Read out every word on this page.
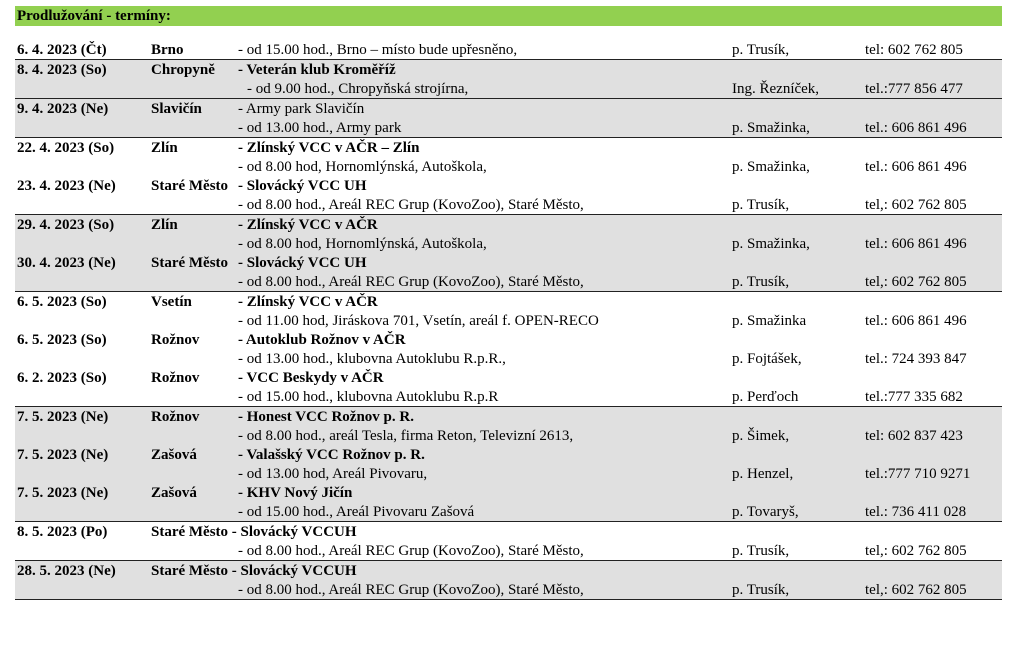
Prodlužování - termíny:
6. 4. 2023 (Čt)	Brno	- od 15.00 hod., Brno – místo bude upřesněno,	p. Trusík,	tel: 602 762 805
8. 4. 2023 (So)	Chropyně - Veterán klub Kroměříž
- od 9.00 hod., Chropyňská strojírna,	Ing. Řezníček,	tel.:777 856 477
9. 4. 2023 (Ne)	Slavičín - Army park Slavičín
- od 13.00 hod., Army park	p. Smažinka,	tel.: 606 861 496
22. 4. 2023 (So) Zlín	- Zlínský VCC v AČR – Zlín
- od 8.00 hod, Hornomlýnská, Autoškola,	p. Smažinka,	tel.: 606 861 496
23. 4. 2023 (Ne) Staré Město - Slovácký VCC UH
- od 8.00 hod., Areál REC Grup (KovoZoo), Staré Město,	p. Trusík,	tel,: 602 762 805
29. 4. 2023 (So) Zlín	- Zlínský VCC v AČR
- od 8.00 hod, Hornomlýnská, Autoškola,	p. Smažinka,	tel.: 606 861 496
30. 4. 2023 (Ne) Staré Město - Slovácký VCC UH
- od 8.00 hod., Areál REC Grup (KovoZoo), Staré Město,	p. Trusík,	tel,: 602 762 805
6. 5. 2023 (So)	Vsetín	- Zlínský VCC v AČR
- od 11.00 hod, Jiráskova 701, Vsetín, areál f. OPEN-RECO	p. Smažinka	tel.: 606 861 496
6. 5. 2023 (So)	Rožnov	- Autoklub Rožnov v AČR
- od 13.00 hod., klubovna Autoklubu R.p.R.,	p. Fojtášek,	tel.: 724 393 847
6. 2. 2023 (So)	Rožnov	- VCC Beskydy v AČR
- od 15.00 hod., klubovna Autoklubu R.p.R	p. Perďoch	tel.:777 335 682
7. 5. 2023 (Ne)	Rožnov	- Honest VCC Rožnov p. R.
- od 8.00 hod., areál Tesla, firma Reton, Televizní 2613,	p. Šimek,	tel: 602 837 423
7. 5. 2023 (Ne)	Zašová	- Valašský VCC Rožnov p. R.
- od 13.00 hod, Areál Pivovaru,	p. Henzel,	tel.:777 710 9271
7. 5. 2023 (Ne)	Zašová	- KHV Nový Jičín
- od 15.00 hod., Areál Pivovaru Zašová	p. Tovaryš,	tel.: 736 411 028
8. 5. 2023 (Po)	Staré Město - Slovácký VCCUH
- od 8.00 hod., Areál REC Grup (KovoZoo), Staré Město,	p. Trusík,	tel,: 602 762 805
28. 5. 2023 (Ne) Staré Město - Slovácký VCCUH
- od 8.00 hod., Areál REC Grup (KovoZoo), Staré Město,	p. Trusík,	tel,: 602 762 805
